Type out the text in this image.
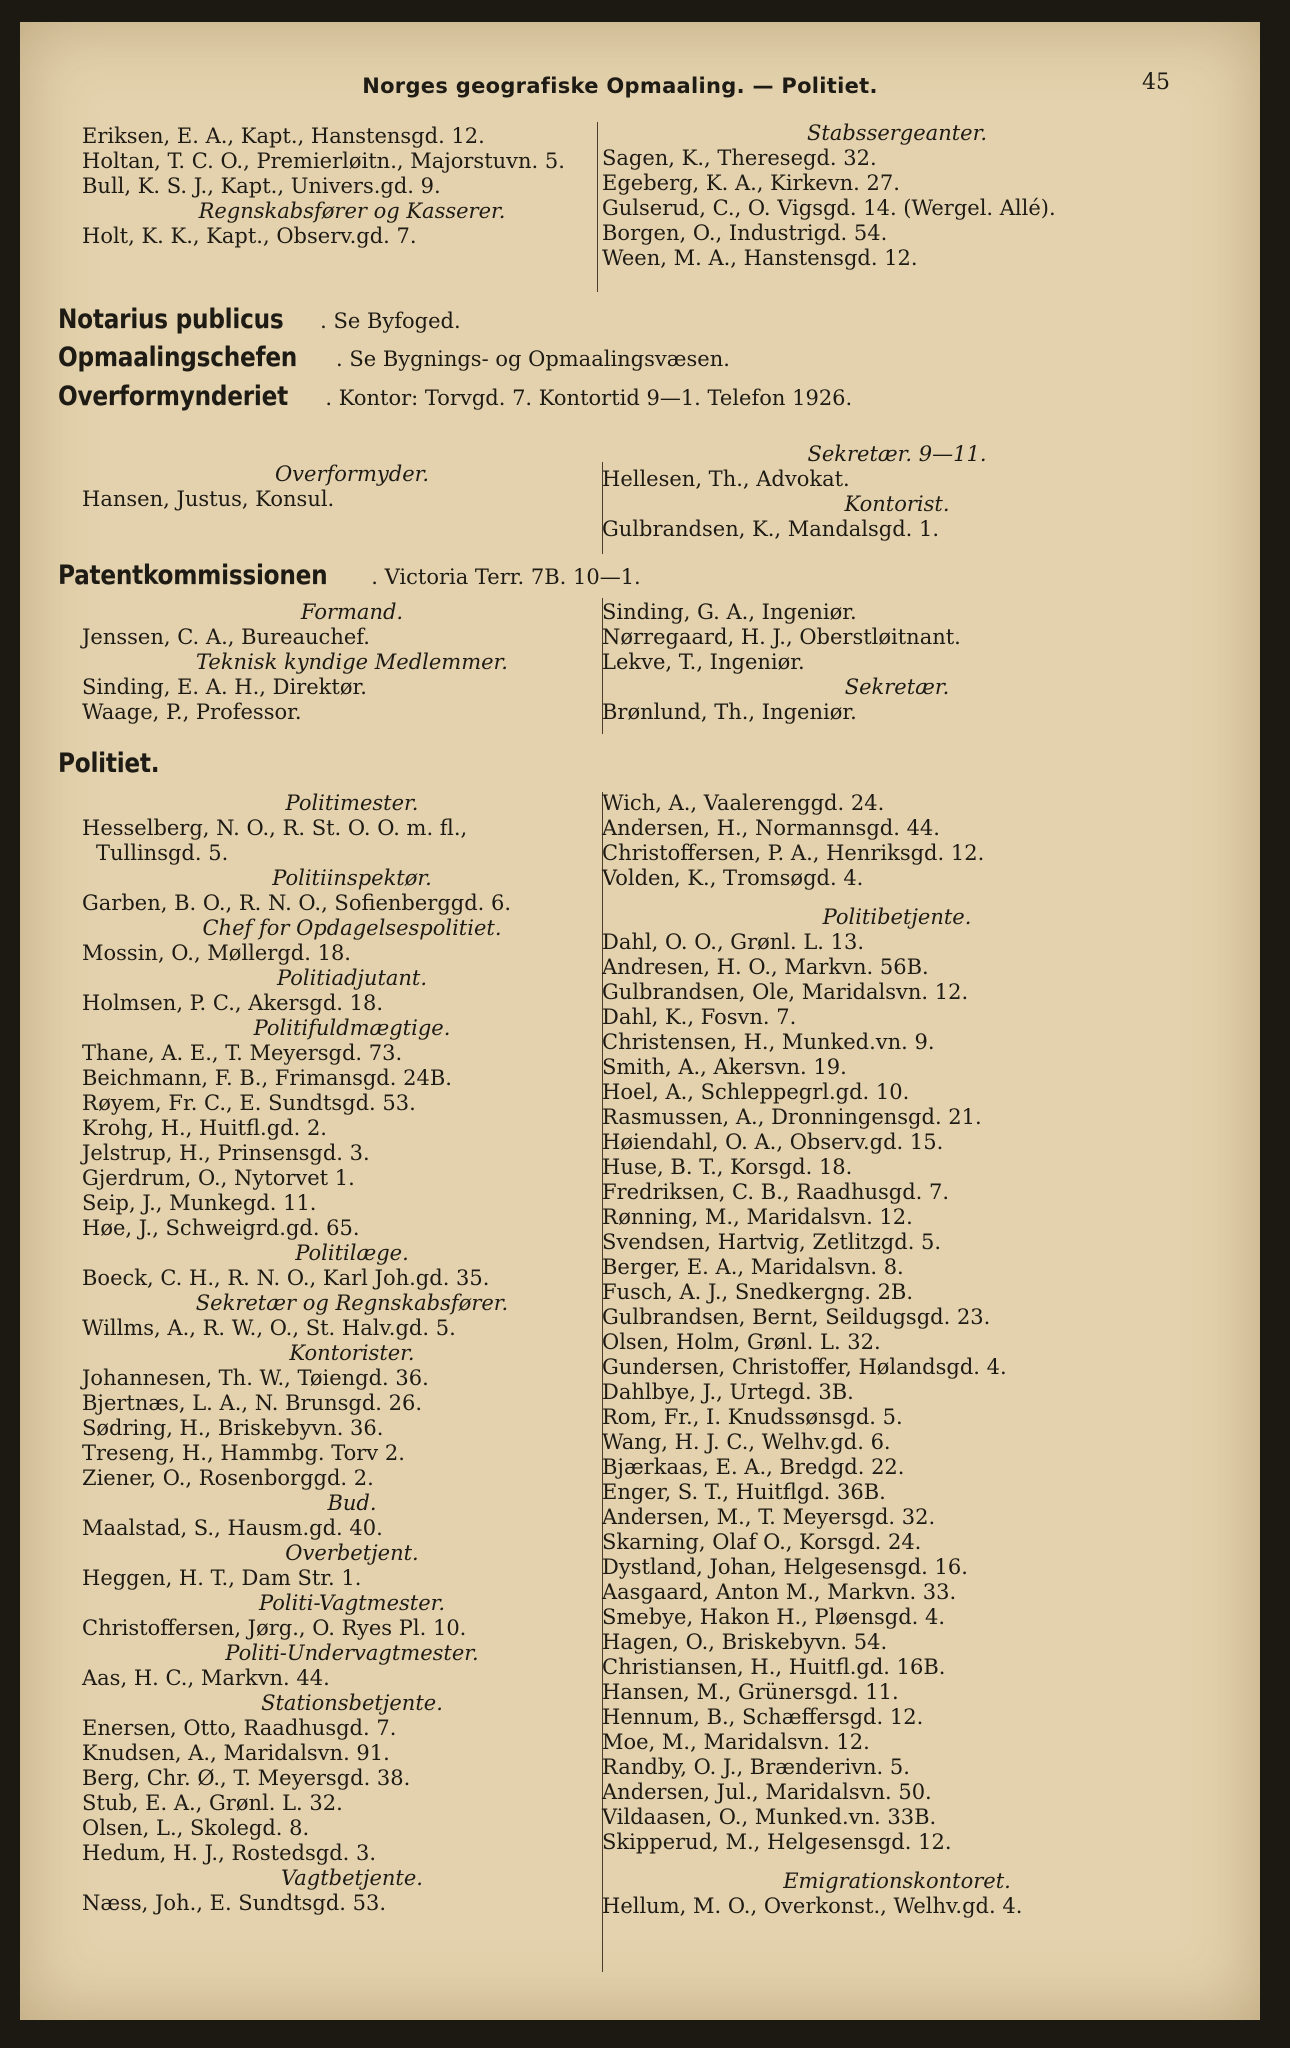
Norges geografiske Opmaaling. — Politiet.	45
Eriksen, E. A., Kapt., Hanstensgd. 12.
Holtan, T. C. O., Premierløitn., Majorstuvn. 5.
Bull, K. S. J., Kapt., Univers.gd. 9.
Regnskabsfører og Kasserer.
Holt, K. K., Kapt., Observ.gd. 7.
Stabssergeanter.
Sagen, K., Theresegd. 32.
Egeberg, K. A., Kirkevn. 27.
Gulserud, C., O. Vigsgd. 14. (Wergel. Allé).
Borgen, O., Industrigd. 54.
Ween, M. A., Hanstensgd. 12.
Notarius publicus . Se Byfoged.
Opmaalingschefen . Se Bygnings- og Opmaalingsvæsen.
Overformynderiet . Kontor: Torvgd. 7. Kontortid 9—1. Telefon 1926.
Overformyder.
Hansen, Justus, Konsul.
Sekretær. 9—11.
Hellesen, Th., Advokat.
Kontorist.
Gulbrandsen, K., Mandalsgd. 1.
Patentkommissionen . Victoria Terr. 7B. 10—1.
Formand.
Jenssen, C. A., Bureauchef.
Teknisk kyndige Medlemmer.
Sinding, E. A. H., Direktør.
Waage, P., Professor.
Sinding, G. A., Ingeniør.
Nørregaard, H. J., Oberstløitnant.
Lekve, T., Ingeniør.
Sekretær.
Brønlund, Th., Ingeniør.
Politiet.
Politimester.
Hesselberg, N. O., R. St. O. O. m. fl.,
Tullinsgd. 5.
Politiinspektør.
Garben, B. O., R. N. O., Sofienberggd. 6.
Chef for Opdagelsespolitiet.
Mossin, O., Møllergd. 18.
Politiadjutant.
Holmsen, P. C., Akersgd. 18.
Politifuldmægtige.
Thane, A. E., T. Meyersgd. 73.
Beichmann, F. B., Frimansgd. 24B.
Røyem, Fr. C., E. Sundtsgd. 53.
Krohg, H., Huitfl.gd. 2.
Jelstrup, H., Prinsensgd. 3.
Gjerdrum, O., Nytorvet 1.
Seip, J., Munkegd. 11.
Høe, J., Schweigrd.gd. 65.
Politilæge.
Boeck, C. H., R. N. O., Karl Joh.gd. 35.
Sekretær og Regnskabsfører.
Willms, A., R. W., O., St. Halv.gd. 5.
Kontorister.
Johannesen, Th. W., Tøiengd. 36.
Bjertnæs, L. A., N. Brunsgd. 26.
Sødring, H., Briskebyvn. 36.
Treseng, H., Hammbg. Torv 2.
Ziener, O., Rosenborggd. 2.
Bud.
Maalstad, S., Hausm.gd. 40.
Overbetjent.
Heggen, H. T., Dam Str. 1.
Politi-Vagtmester.
Christoffersen, Jørg., O. Ryes Pl. 10.
Politi-Undervagtmester.
Aas, H. C., Markvn. 44.
Stationsbetjente.
Enersen, Otto, Raadhusgd. 7.
Knudsen, A., Maridalsvn. 91.
Berg, Chr. Ø., T. Meyersgd. 38.
Stub, E. A., Grønl. L. 32.
Olsen, L., Skolegd. 8.
Hedum, H. J., Rostedsgd. 3.
Vagtbetjente.
Næss, Joh., E. Sundtsgd. 53.
Wich, A., Vaalerenggd. 24.
Andersen, H., Normannsgd. 44.
Christoffersen, P. A., Henriksgd. 12.
Volden, K., Tromsøgd. 4.
Politibetjente.
Dahl, O. O., Grønl. L. 13.
Andresen, H. O., Markvn. 56B.
Gulbrandsen, Ole, Maridalsvn. 12.
Dahl, K., Fosvn. 7.
Christensen, H., Munked.vn. 9.
Smith, A., Akersvn. 19.
Hoel, A., Schleppegrl.gd. 10.
Rasmussen, A., Dronningensgd. 21.
Høiendahl, O. A., Observ.gd. 15.
Huse, B. T., Korsgd. 18.
Fredriksen, C. B., Raadhusgd. 7.
Rønning, M., Maridalsvn. 12.
Svendsen, Hartvig, Zetlitzgd. 5.
Berger, E. A., Maridalsvn. 8.
Fusch, A. J., Snedkergng. 2B.
Gulbrandsen, Bernt, Seildugsgd. 23.
Olsen, Holm, Grønl. L. 32.
Gundersen, Christoffer, Hølandsgd. 4.
Dahlbye, J., Urtegd. 3B.
Rom, Fr., I. Knudssønsgd. 5.
Wang, H. J. C., Welhv.gd. 6.
Bjærkaas, E. A., Bredgd. 22.
Enger, S. T., Huitflgd. 36B.
Andersen, M., T. Meyersgd. 32.
Skarning, Olaf O., Korsgd. 24.
Dystland, Johan, Helgesensgd. 16.
Aasgaard, Anton M., Markvn. 33.
Smebye, Hakon H., Pløensgd. 4.
Hagen, O., Briskebyvn. 54.
Christiansen, H., Huitfl.gd. 16B.
Hansen, M., Grünersgd. 11.
Hennum, B., Schæffersgd. 12.
Moe, M., Maridalsvn. 12.
Randby, O. J., Brænderivn. 5.
Andersen, Jul., Maridalsvn. 50.
Vildaasen, O., Munked.vn. 33B.
Skipperud, M., Helgesensgd. 12.
Emigrationskontoret.
Hellum, M. O., Overkonst., Welhv.gd. 4.
